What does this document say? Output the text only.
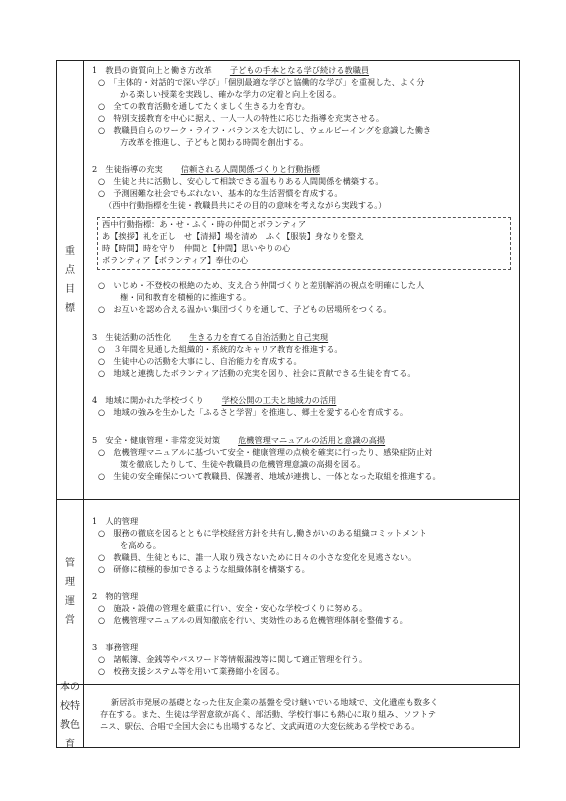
重
点
目
標
管
理
運
営
本の
校特
教色
育
1　 教員の資質向上と働き方改革 子どもの手本となる学び続ける教職員
○　「主体的・対話的で深い学び」「個別最適な学びと協働的な学び」を重視した、よく分
かる楽しい授業を実践し、確かな学力の定着と向上を図る。
○　全ての教育活動を通してたくましく生きる力を育む。
○　特別支援教育を中心に据え、一人一人の特性に応じた指導を充実させる。
○　教職員自らのワーク・ライフ・バランスを大切にし、ウェルビーイングを意識した働き
方改革を推進し、子どもと関わる時間を創出する。
2　 生徒指導の充実 信頼される人間関係づくりと行動指標
○　生徒と共に活動し、安心して相談できる温もりある人間関係を構築する。
○　予測困難な社会でもぶれない、基本的な生活習慣を育成する。
（西中行動指標を生徒・教職員共にその目的の意味を考えながら実践する。）
西中行動指標：あ・せ・ふく・時の仲間とボランティア
あ【挨拶】礼を正し　せ【清掃】場を清め　ふく【服装】身なりを整え
時【時間】時を守り　仲間と【仲間】思いやりの心
ボランティア【ボランティア】奉仕の心
○　いじめ・不登校の根絶のため、支え合う仲間づくりと差別解消の視点を明確にした人
権・同和教育を積極的に推進する。
○　お互いを認め合える温かい集団づくりを通して、子どもの居場所をつくる。
3　 生徒活動の活性化 生きる力を育てる自治活動と自己実現
○　３年間を見通した組織的・系統的なキャリア教育を推進する。
○　生徒中心の活動を大事にし、自治能力を育成する。
○　地域と連携したボランティア活動の充実を図り、社会に貢献できる生徒を育てる。
4　 地域に開かれた学校づくり 学校公開の工夫と地域力の活用
○　地域の強みを生かした「ふるさと学習」を推進し、郷土を愛する心を育成する。
5　 安全・健康管理・非常変災対策 危機管理マニュアルの活用と意識の高揚
○　危機管理マニュアルに基づいて安全・健康管理の点検を確実に行ったり、感染症防止対
策を徹底したりして、生徒や教職員の危機管理意識の高揚を図る。
○　生徒の安全確保について教職員、保護者、地域が連携し、一体となった取組を推進する。
1　人的管理
○　服務の徹底を図るとともに学校経営方針を共有し,働きがいのある組織コミットメント
を高める。
○　教職員、生徒ともに、誰一人取り残さないために日々の小さな変化を見逃さない。
○　研修に積極的参加できるような組織体制を構築する。
2　物的管理
○　施設・設備の管理を厳重に行い、安全・安心な学校づくりに努める。
○　危機管理マニュアルの周知徹底を行い、実効性のある危機管理体制を整備する。
3　事務管理
○　諸帳簿、金銭等やパスワード等情報漏洩等に関して適正管理を行う。
○　校務支援システム等を用いて業務縮小を図る。
新居浜市発展の基礎となった住友企業の基盤を受け継いでいる地域で、文化遺産も数多く
存在する。また、生徒は学習意欲が高く、部活動、学校行事にも熱心に取り組み、ソフトテ
ニス、駅伝、合唱で全国大会にも出場するなど、文武両道の大変伝統ある学校である。
